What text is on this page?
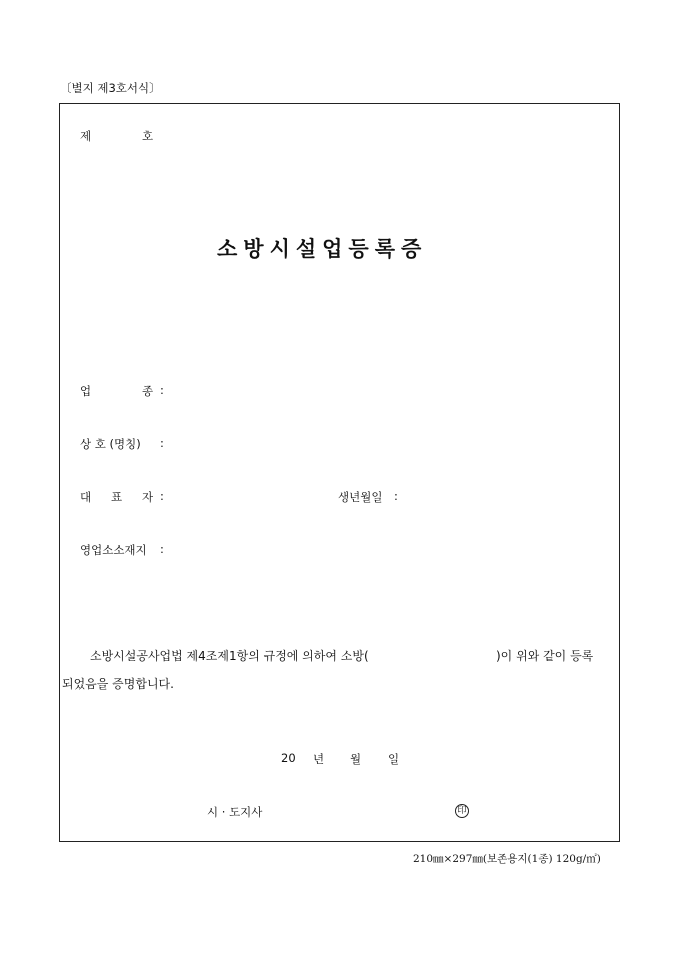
〔별지 제3호서식〕
제	호
소방시설업등록증
업	종 :
상 호 (명칭) :
대 표 자 :	생년월일 :
영업소소재지 :
소방시설공사업법 제4조제1항의 규정에 의하여 소방(	)이 위와 같이 등록
되었음을 증명합니다.
20 년 월 일
시 · 도지사	印
210㎜×297㎜(보존용지(1종) 120g/㎡)
